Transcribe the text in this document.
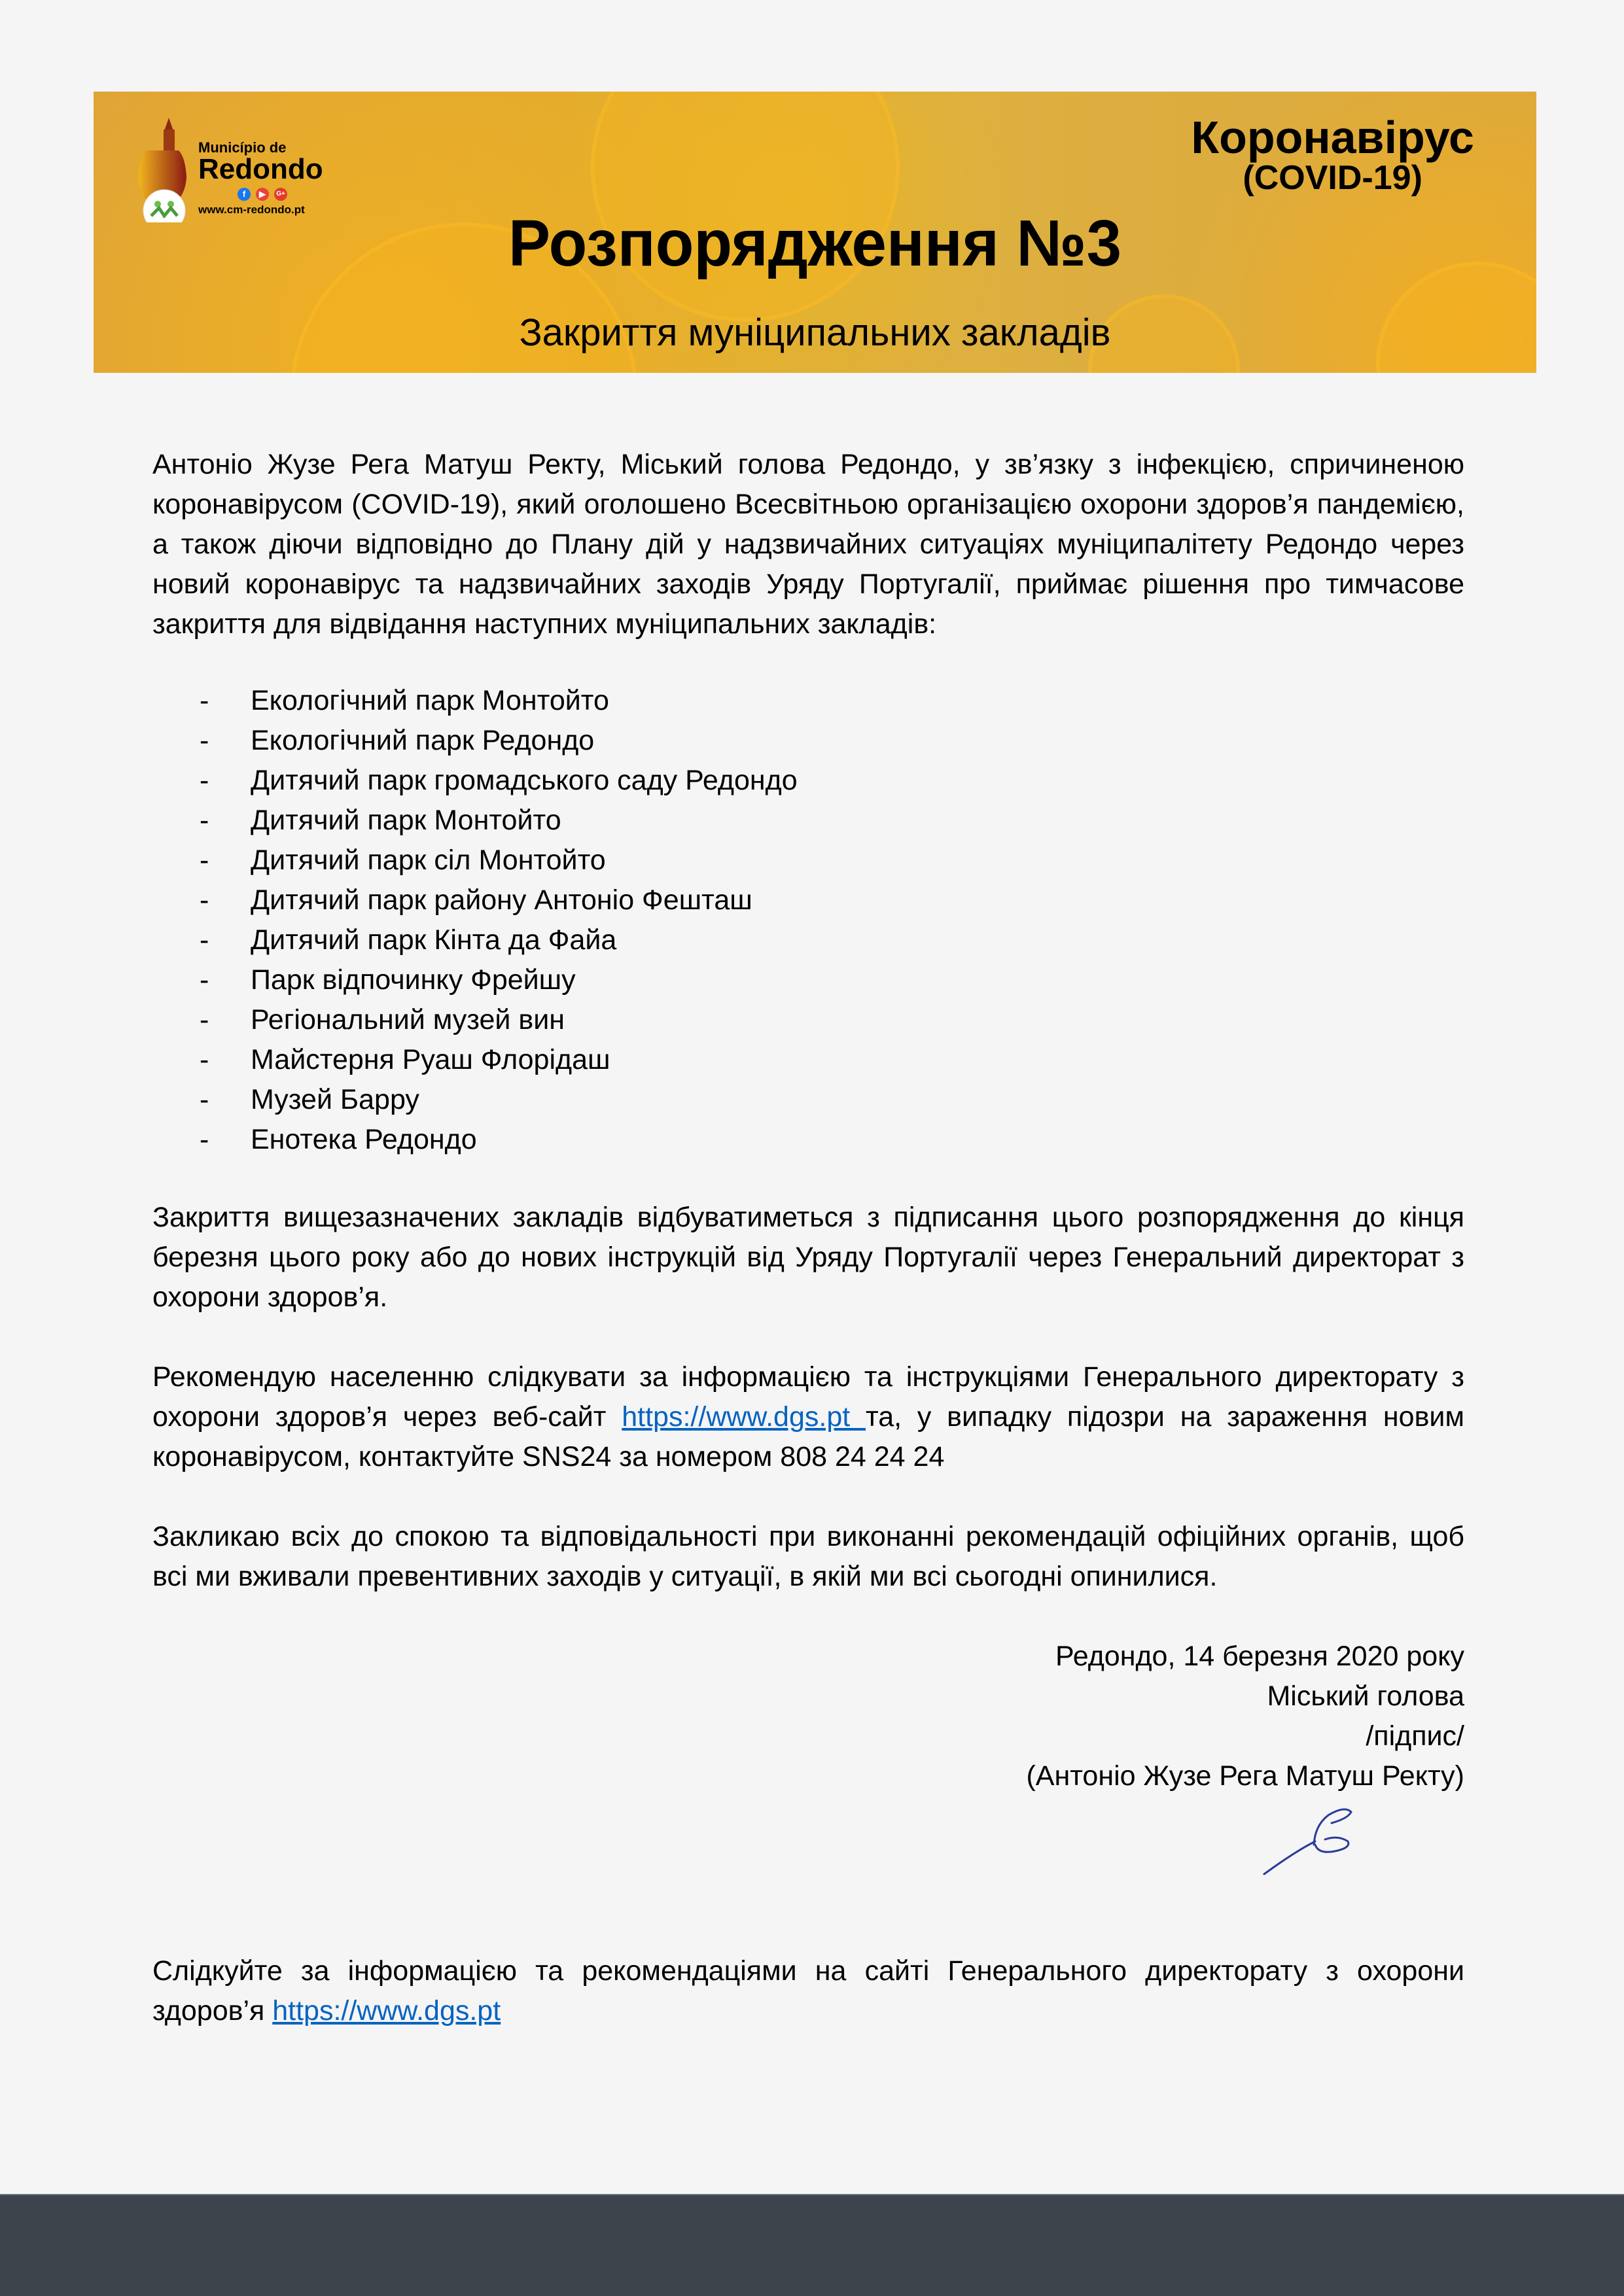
Município de
Redondo
f	▶	G+
www.cm-redondo.pt
Коронавірус
(COVID-19)
Розпорядження №3
Закриття муніципальних закладів

Антоніо Жузе Рега Матуш Ректу, Міський голова Редондо, у зв’язку з інфекцією, спричиненою коронавірусом (COVID-19), який оголошено Всесвітньою організацією охорони здоров’я пандемією, а також діючи відповідно до Плану дій у надзвичайних ситуаціях муніципалітету Редондо через новий коронавірус та надзвичайних заходів Уряду Португалії, приймає рішення про тимчасове закриття для відвідання наступних муніципальних закладів:

-	Екологічний парк Монтойто
-	Екологічний парк Редондо
-	Дитячий парк громадського саду Редондо
-	Дитячий парк Монтойто
-	Дитячий парк сіл Монтойто
-	Дитячий парк району Антоніо Фешташ
-	Дитячий парк Кінта да Файа
-	Парк відпочинку Фрейшу
-	Регіональний музей вин
-	Майстерня Руаш Флорідаш
-	Музей Барру
-	Енотека Редондо

Закриття вищезазначених закладів відбуватиметься з підписання цього розпорядження до кінця березня цього року або до нових інструкцій від Уряду Португалії через Генеральний директорат з охорони здоров’я.

Рекомендую населенню слідкувати за інформацією та інструкціями Генерального директорату з охорони здоров’я через веб-сайт https://www.dgs.pt та, у випадку підозри на зараження новим коронавірусом, контактуйте SNS24 за номером 808 24 24 24

Закликаю всіх до спокою та відповідальності при виконанні рекомендацій офіційних органів, щоб всі ми вживали превентивних заходів у ситуації, в якій ми всі сьогодні опинилися.

Редондо, 14 березня 2020 року
Міський голова
/підпис/
(Антоніо Жузе Рега Матуш Ректу)

Слідкуйте за інформацією та рекомендаціями на сайті Генерального директорату з охорони здоров’я https://www.dgs.pt
